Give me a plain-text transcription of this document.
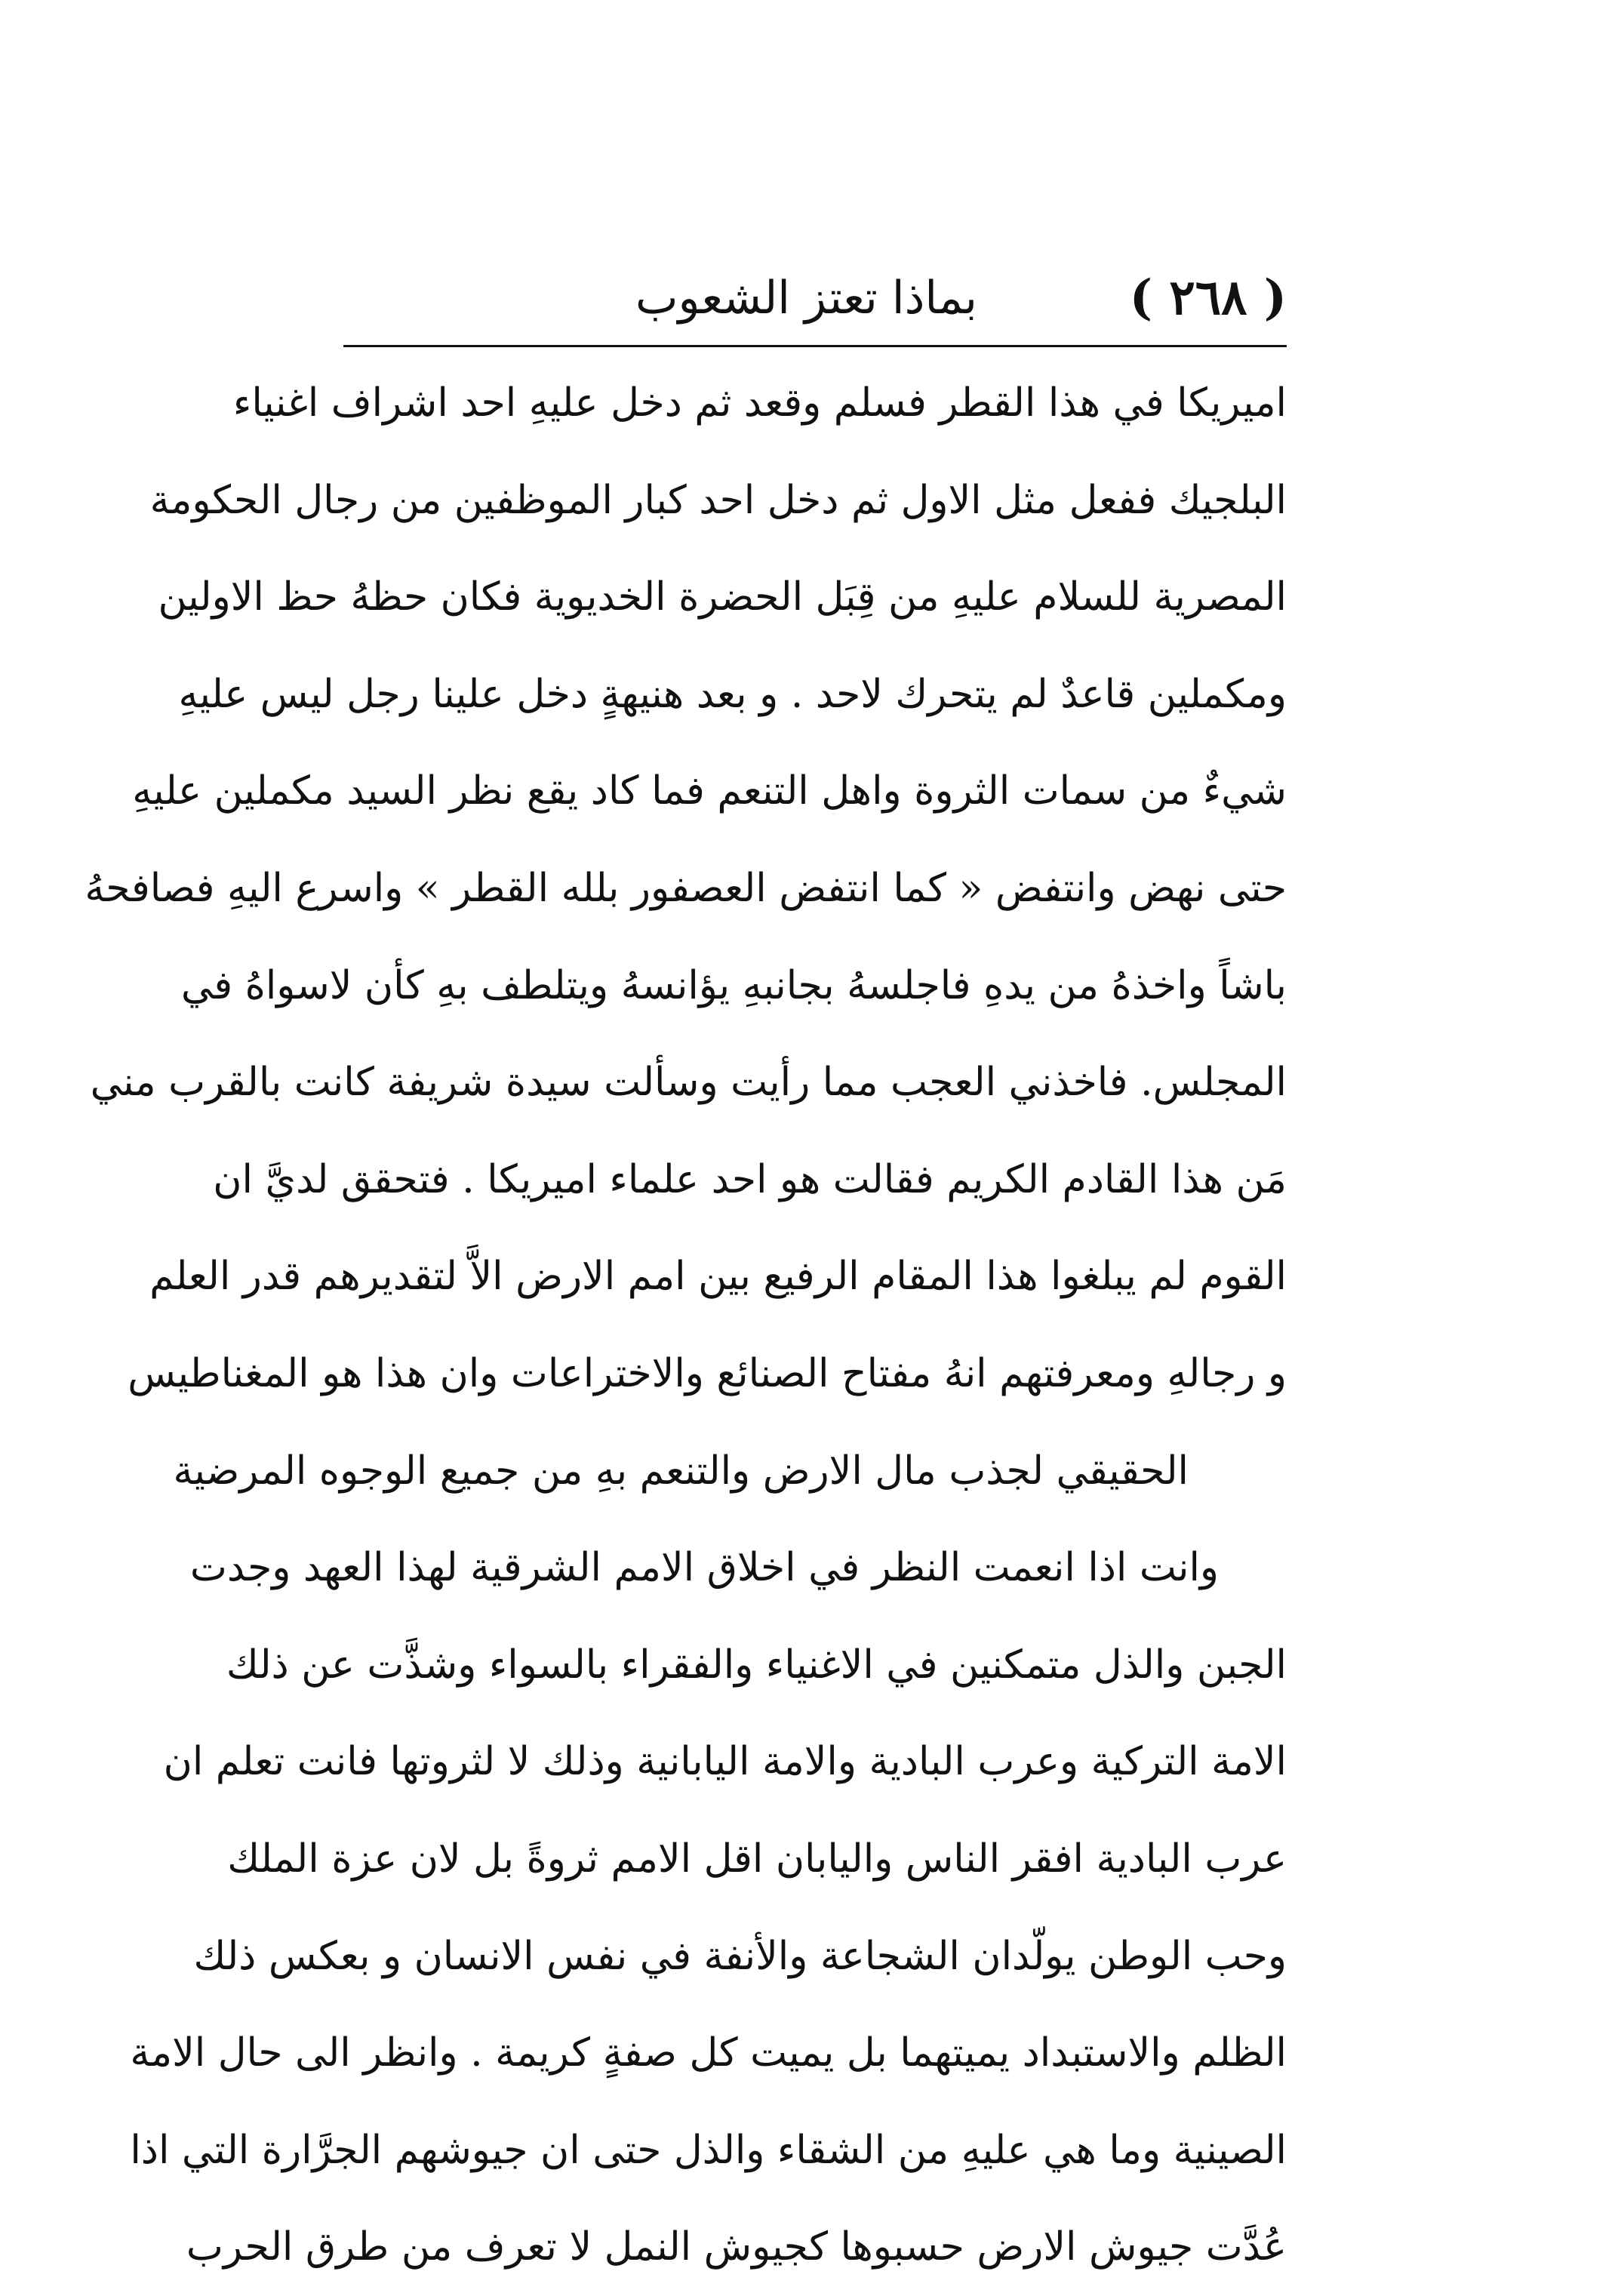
( ٢٦٨ )
بماذا تعتز الشعوب
اميريكا في هذا القطر فسلم وقعد ثم دخل عليهِ احد اشراف اغنياء
البلجيك ففعل مثل الاول ثم دخل احد كبار الموظفين من رجال الحكومة
المصرية للسلام عليهِ من قِبَل الحضرة الخديوية فكان حظهُ حظ الاولين
ومكملين قاعدٌ لم يتحرك لاحد . و بعد هنيهةٍ دخل علينا رجل ليس عليهِ
شيءٌ من سمات الثروة واهل التنعم فما كاد يقع نظر السيد مكملين عليهِ
حتى نهض وانتفض « كما انتفض العصفور بلله القطر » واسرع اليهِ فصافحهُ
باشاً واخذهُ من يدهِ فاجلسهُ بجانبهِ يؤانسهُ ويتلطف بهِ كأن لاسواهُ في
المجلس. فاخذني العجب مما رأيت وسألت سيدة شريفة كانت بالقرب مني
مَن هذا القادم الكريم فقالت هو احد علماء اميريكا . فتحقق لديَّ ان
القوم لم يبلغوا هذا المقام الرفيع بين امم الارض الاَّ لتقديرهم قدر العلم
و رجالهِ ومعرفتهم انهُ مفتاح الصنائع والاختراعات وان هذا هو المغناطيس
الحقيقي لجذب مال الارض والتنعم بهِ من جميع الوجوه المرضية
وانت اذا انعمت النظر في اخلاق الامم الشرقية لهذا العهد وجدت
الجبن والذل متمكنين في الاغنياء والفقراء بالسواء وشذَّت عن ذلك
الامة التركية وعرب البادية والامة اليابانية وذلك لا لثروتها فانت تعلم ان
عرب البادية افقر الناس واليابان اقل الامم ثروةً بل لان عزة الملك
وحب الوطن يولّدان الشجاعة والأنفة في نفس الانسان و بعكس ذلك
الظلم والاستبداد يميتهما بل يميت كل صفةٍ كريمة . وانظر الى حال الامة
الصينية وما هي عليهِ من الشقاء والذل حتى ان جيوشهم الجرَّارة التي اذا
عُدَّت جيوش الارض حسبوها كجيوش النمل لا تعرف من طرق الحرب
